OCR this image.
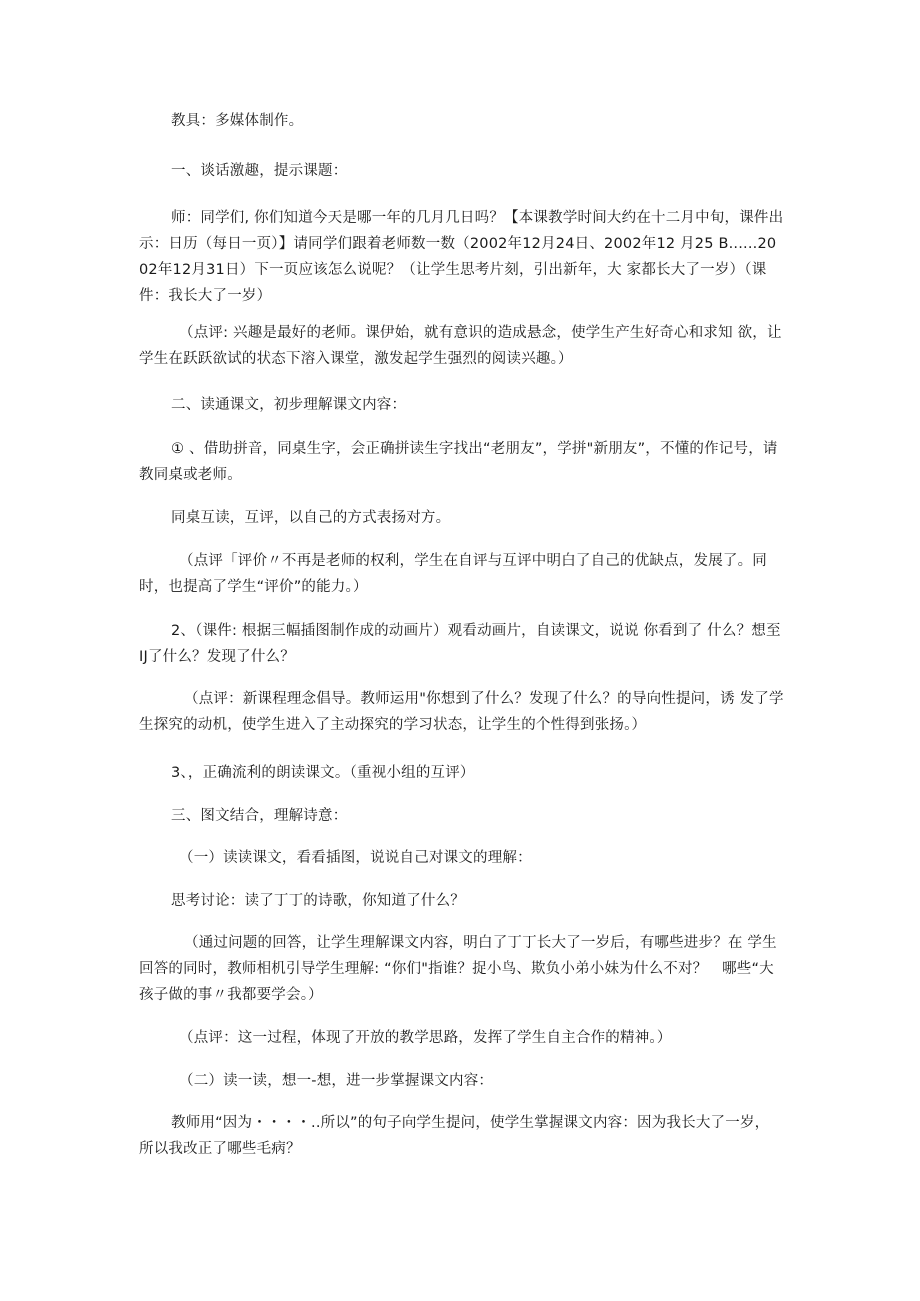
教具：多媒体制作。

一、谈话激趣，提示课题：

师：同学们, 你们知道今天是哪一年的几月几日吗？【本课教学时间大约在十二月中旬，课件出示：日历（每日一页）】请同学们跟着老师数一数（2002年12月24日、2002年12 月25 B......2002年12月31日）下一页应该怎么说呢？（让学生思考片刻，引出新年，大 家都长大了一岁）（课件：我长大了一岁）

（点评: 兴趣是最好的老师。课伊始，就有意识的造成悬念，使学生产生好奇心和求知 欲，让学生在跃跃欲试的状态下溶入课堂，激发起学生强烈的阅读兴趣。）

二、读通课文，初步理解课文内容：

① 、借助拼音，同桌生字，会正确拼读生字找出“老朋友”，学拼"新朋友”，不懂的作记号，请教同桌或老师。

同桌互读，互评，以自己的方式表扬对方。

（点评「评价〃不再是老师的权利，学生在自评与互评中明白了自己的优缺点，发展了。同时，也提高了学生“评价”的能力。）

2、（课件: 根据三幅插图制作成的动画片）观看动画片，自读课文，说说 你看到了 什么？想至IJ了什么？发现了什么？

（点评：新课程理念倡导。教师运用"你想到了什么？发现了什么？的导向性提问，诱 发了学生探究的动机，使学生进入了主动探究的学习状态，让学生的个性得到张扬。）

3、，正确流利的朗读课文。（重视小组的互评）

三、图文结合，理解诗意：

（一）读读课文，看看插图，说说自己对课文的理解：

思考讨论：读了丁丁的诗歌，你知道了什么？

（通过问题的回答，让学生理解课文内容，明白了丁丁长大了一岁后，有哪些进步？在 学生回答的同时，教师相机引导学生理解: “你们"指谁？捉小鸟、欺负小弟小妹为什么不对？　哪些“大孩子做的事〃我都要学会。）

（点评：这一过程，体现了开放的教学思路，发挥了学生自主合作的精神。）

（二）读一读，想一-想，进一步掌握课文内容：

教师用“因为・・・・..所以”的句子向学生提问，使学生掌握课文内容：因为我长大了一岁，　所以我改正了哪些毛病？
